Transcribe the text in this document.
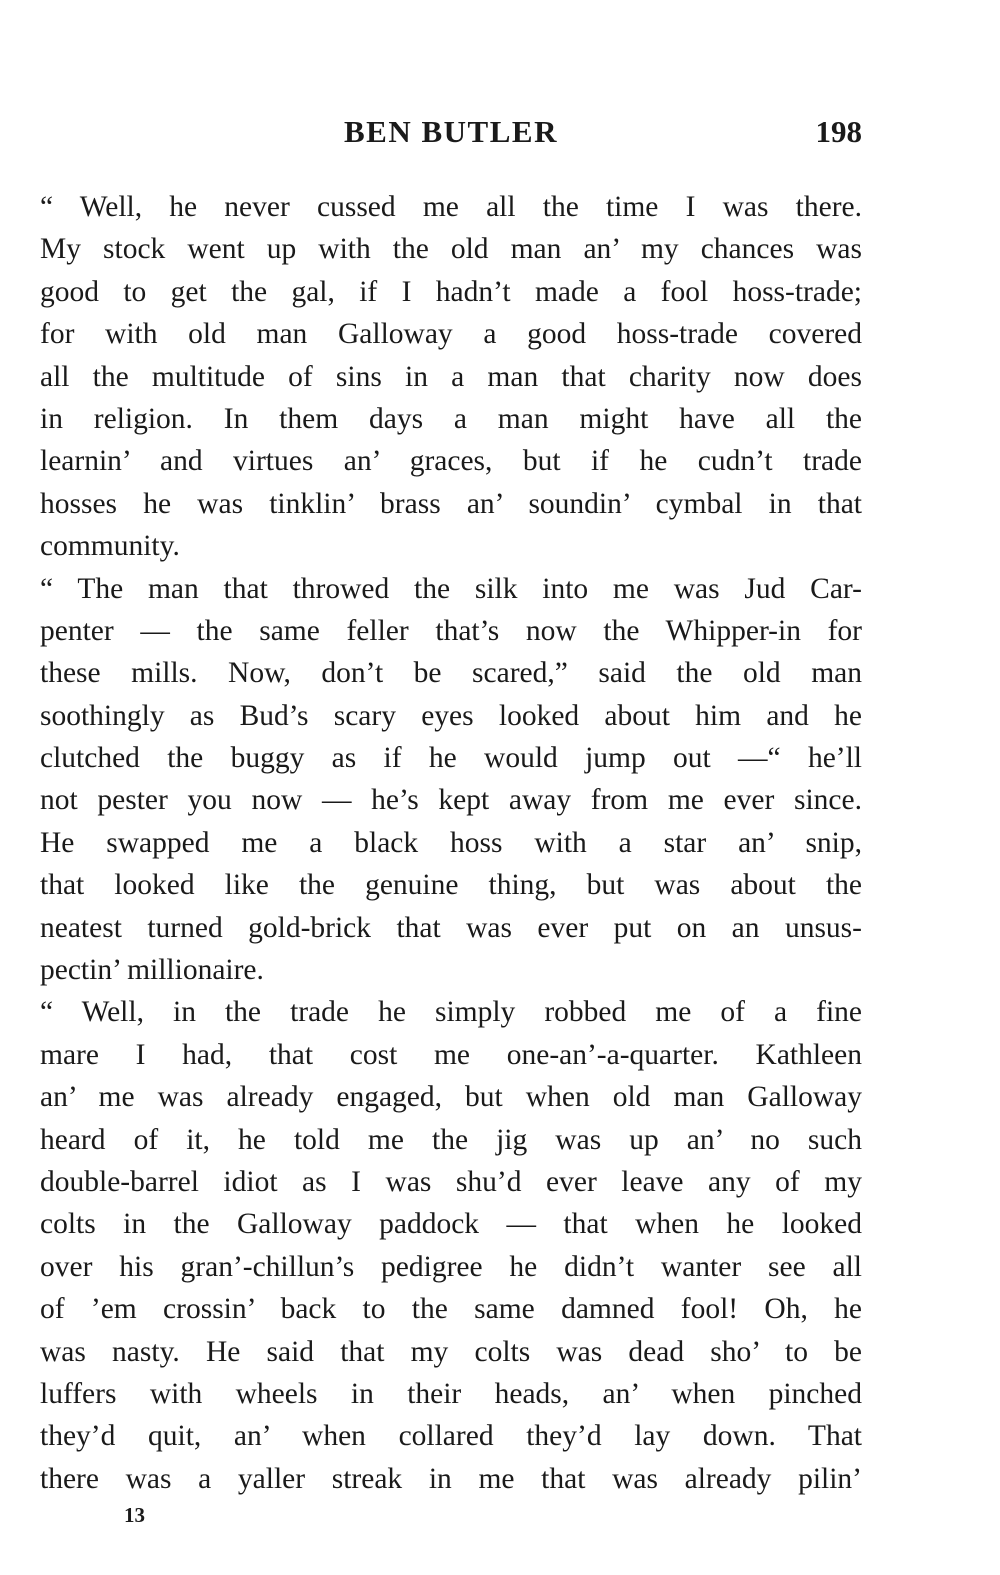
BEN BUTLER	198
“ Well, he never cussed me all the time I was there.
My stock went up with the old man an’ my chances was
good to get the gal, if I hadn’t made a fool hoss-trade;
for with old man Galloway a good hoss-trade covered
all the multitude of sins in a man that charity now does
in religion. In them days a man might have all the
learnin’ and virtues an’ graces, but if he cudn’t trade
hosses he was tinklin’ brass an’ soundin’ cymbal in that
community.
“ The man that throwed the silk into me was Jud Car-
penter — the same feller that’s now the Whipper-in for
these mills. Now, don’t be scared,” said the old man
soothingly as Bud’s scary eyes looked about him and he
clutched the buggy as if he would jump out —“ he’ll
not pester you now — he’s kept away from me ever since.
He swapped me a black hoss with a star an’ snip,
that looked like the genuine thing, but was about the
neatest turned gold-brick that was ever put on an unsus-
pectin’ millionaire.
“ Well, in the trade he simply robbed me of a fine
mare I had, that cost me one-an’-a-quarter. Kathleen
an’ me was already engaged, but when old man Galloway
heard of it, he told me the jig was up an’ no such
double-barrel idiot as I was shu’d ever leave any of my
colts in the Galloway paddock — that when he looked
over his gran’-chillun’s pedigree he didn’t wanter see all
of ’em crossin’ back to the same damned fool! Oh, he
was nasty. He said that my colts was dead sho’ to be
luffers with wheels in their heads, an’ when pinched
they’d quit, an’ when collared they’d lay down. That
there was a yaller streak in me that was already pilin’
13
